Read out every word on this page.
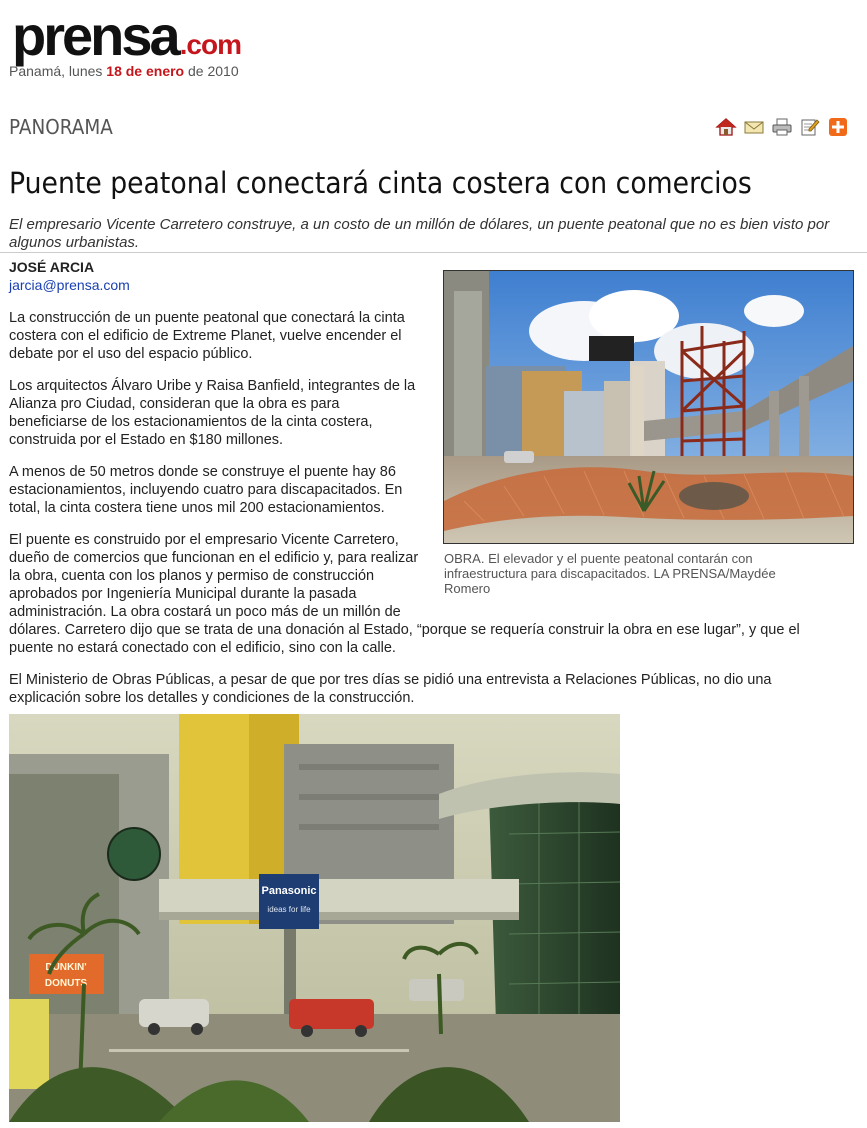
prensa .com
Panamá, lunes 18 de enero de 2010
PANORAMA
Puente peatonal conectará cinta costera con comercios
El empresario Vicente Carretero construye, a un costo de un millón de dólares, un puente peatonal que no es bien visto por algunos urbanistas.
JOSÉ ARCIA
jarcia@prensa.com
La construcción de un puente peatonal que conectará la cinta
costera con el edificio de Extreme Planet, vuelve encender el
debate por el uso del espacio público.
Los arquitectos Álvaro Uribe y Raisa Banfield, integrantes de la
Alianza pro Ciudad, consideran que la obra es para
beneficiarse de los estacionamientos de la cinta costera,
construida por el Estado en $180 millones.
A menos de 50 metros donde se construye el puente hay 86
estacionamientos, incluyendo cuatro para discapacitados. En
total, la cinta costera tiene unos mil 200 estacionamientos.
El puente es construido por el empresario Vicente Carretero,
dueño de comercios que funcionan en el edificio y, para realizar
la obra, cuenta con los planos y permiso de construcción
aprobados por Ingeniería Municipal durante la pasada
administración. La obra costará un poco más de un millón de
dólares. Carretero dijo que se trata de una donación al Estado, “porque se requería construir la obra en ese lugar”, y que el
puente no estará conectado con el edificio, sino con la calle.
El Ministerio de Obras Públicas, a pesar de que por tres días se pidió una entrevista a Relaciones Públicas, no dio una
explicación sobre los detalles y condiciones de la construcción.
OBRA. El elevador y el puente peatonal contarán con
infraestructura para discapacitados. LA PRENSA/Maydée
Romero
Panasonic
ideas for life
DUNKIN'
DONUTS
